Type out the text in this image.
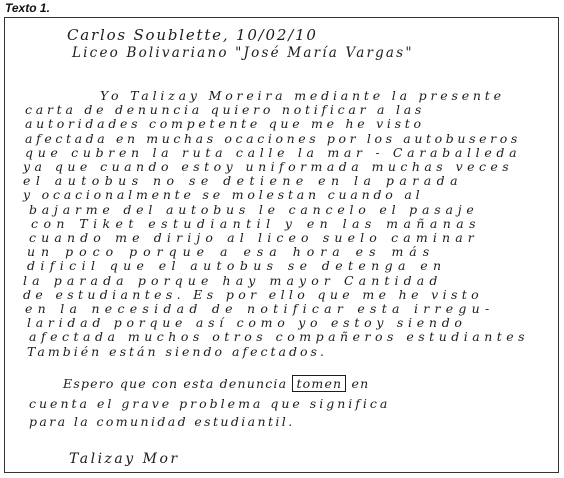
Texto 1.
Carlos Soublette, 10/02/10
Liceo Bolivariano "José María Vargas"
Yo Talizay Moreira mediante la presente
carta de denuncia quiero notificar a las
autoridades competente que me he visto
afectada en muchas ocaciones por los autobuseros
que cubren la ruta calle la mar - Caraballeda
ya que cuando estoy uniformada muchas veces
el autobus no se detiene en la parada
y ocacionalmente se molestan cuando al
bajarme del autobus le cancelo el pasaje
con Tiket estudiantil y en las mañanas
cuando me dirijo al liceo suelo caminar
un poco porque a esa hora es más
dificil que el autobus se detenga en
la parada porque hay mayor Cantidad
de estudiantes. Es por ello que me he visto
en la necesidad de notificar esta irregu-
laridad porque así como yo estoy siendo
afectada muchos otros compañeros estudiantes
También están siendo afectados.
Espero que con esta denuncia tomen en
cuenta el grave problema que significa
para la comunidad estudiantil.
Talizay Mor
